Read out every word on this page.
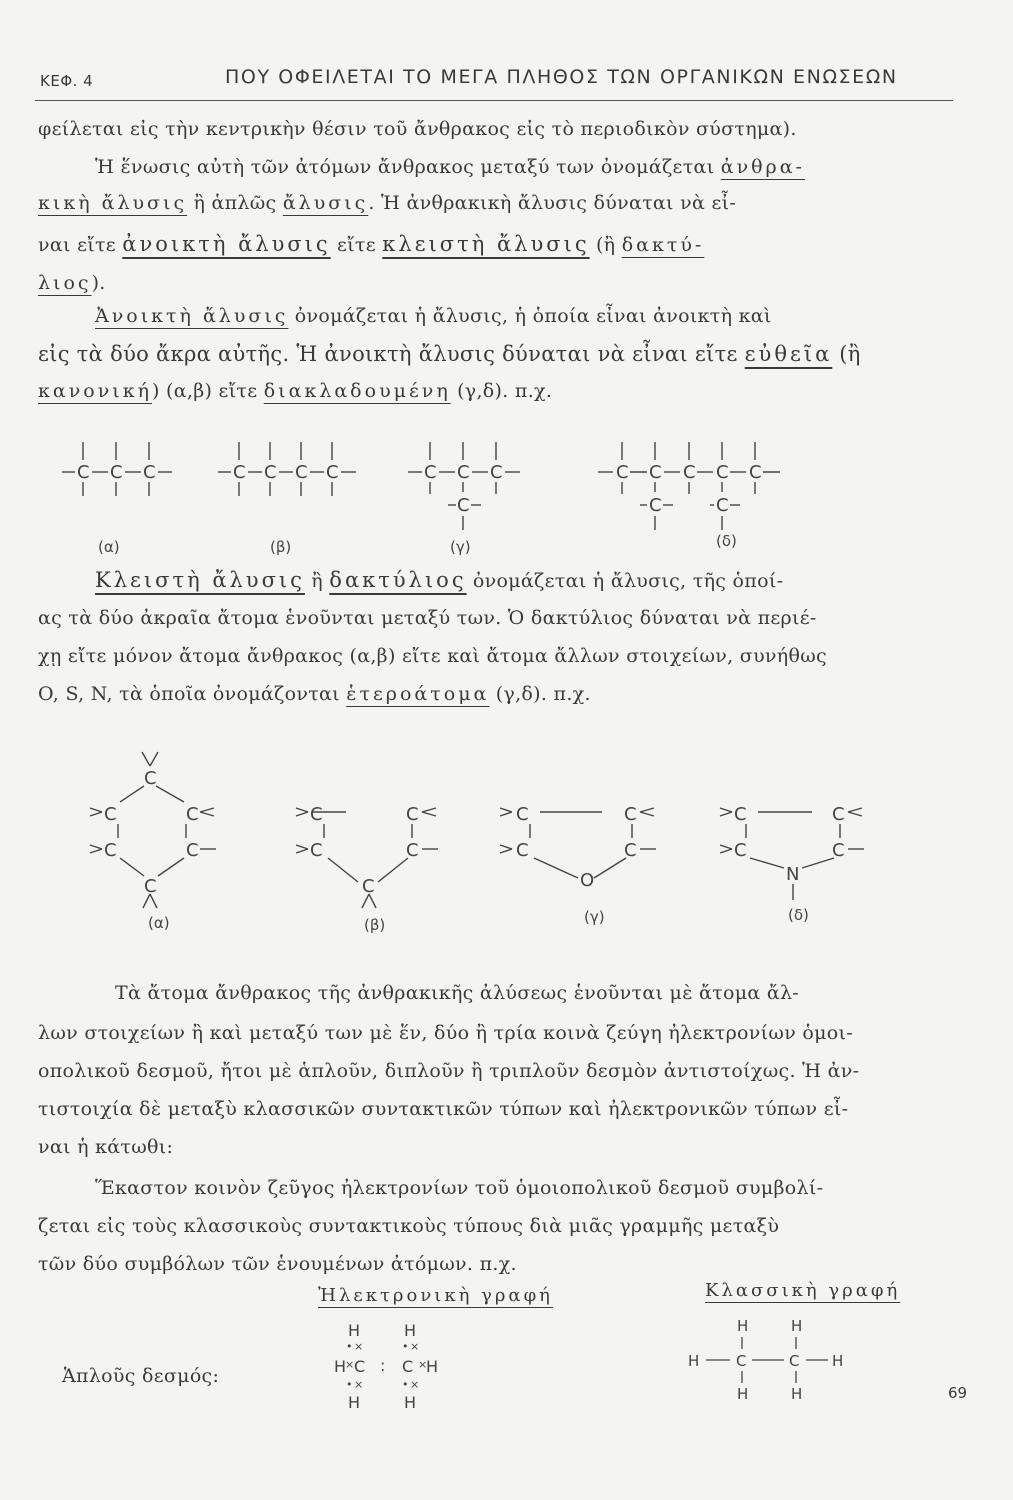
ΚΕΦ. 4	ΠΟΥ ΟΦΕΙΛΕΤΑΙ ΤΟ ΜΕΓΑ ΠΛΗΘΟΣ ΤΩΝ ΟΡΓΑΝΙΚΩΝ ΕΝΩΣΕΩΝ
φείλεται εἰς τὴν κεντρικὴν θέσιν τοῦ ἄνθρακος εἰς τὸ περιοδικὸν σύστημα).
Ἡ ἕνωσις αὐτὴ τῶν ἀτόμων ἄνθρακος μεταξύ των ὀνομάζεται ἀνθρα-
κικὴ ἄλυσις ἢ ἁπλῶς ἄλυσις. Ἡ ἀνθρακικὴ ἄλυσις δύναται νὰ εἶ-
ναι εἴτε ἀνοικτὴ ἄλυσις εἴτε κλειστὴ ἄλυσις (ἢ δακτύ-
λιος).
Ἀνοικτὴ ἄλυσις ὀνομάζεται ἡ ἄλυσις, ἡ ὁποία εἶναι ἀνοικτὴ καὶ
εἰς τὰ δύο ἄκρα αὐτῆς. Ἡ ἀνοικτὴ ἄλυσις δύναται νὰ εἶναι εἴτε εὐθεῖα (ἢ
κανονική) (α,β) εἴτε διακλαδουμένη (γ,δ). π.χ.
C C C	C C C C	C C C
C
C C C C C
C	C
(α)	(β)	(γ)	(δ)
Κλειστὴ ἄλυσις ἢ δακτύλιος ὀνομάζεται ἡ ἄλυσις, τῆς ὁποί-
ας τὰ δύο ἀκραῖα ἄτομα ἑνοῦνται μεταξύ των. Ὁ δακτύλιος δύναται νὰ περιέ-
χῃ εἴτε μόνον ἄτομα ἄνθρακος (α,β) εἴτε καὶ ἄτομα ἄλλων στοιχείων, συνήθως
O, S, N, τὰ ὁποῖα ὀνομάζονται ἑτεροάτομα (γ,δ). π.χ.
C
C	C
C	C
C
C	C
C	C
C
C	C
C	C
O
C	C
C	C
N
(α)	(β)	(γ)	(δ)
Τὰ ἄτομα ἄνθρακος τῆς ἀνθρακικῆς ἀλύσεως ἑνοῦνται μὲ ἄτομα ἄλ-
λων στοιχείων ἢ καὶ μεταξύ των μὲ ἕν, δύο ἢ τρία κοινὰ ζεύγη ἠλεκτρονίων ὁμοι-
οπολικοῦ δεσμοῦ, ἤτοι μὲ ἁπλοῦν, διπλοῦν ἢ τριπλοῦν δεσμὸν ἀντιστοίχως. Ἡ ἀν-
τιστοιχία δὲ μεταξὺ κλασσικῶν συντακτικῶν τύπων καὶ ἠλεκτρονικῶν τύπων εἶ-
ναι ἡ κάτωθι:
Ἕκαστον κοινὸν ζεῦγος ἠλεκτρονίων τοῦ ὁμοιοπολικοῦ δεσμοῦ συμβολί-
ζεται εἰς τοὺς κλασσικοὺς συντακτικοὺς τύπους διὰ μιᾶς γραμμῆς μεταξὺ
τῶν δύο συμβόλων τῶν ἑνουμένων ἀτόμων. π.χ.
Ἠλεκτρονικὴ γραφή	Κλασσικὴ γραφή
Ἁπλοῦς δεσμός:
H	H
H C C H
H	H
• ×	• ×
×	×
• ×	• ×
:
H	H
H C	C H
H	H	69
